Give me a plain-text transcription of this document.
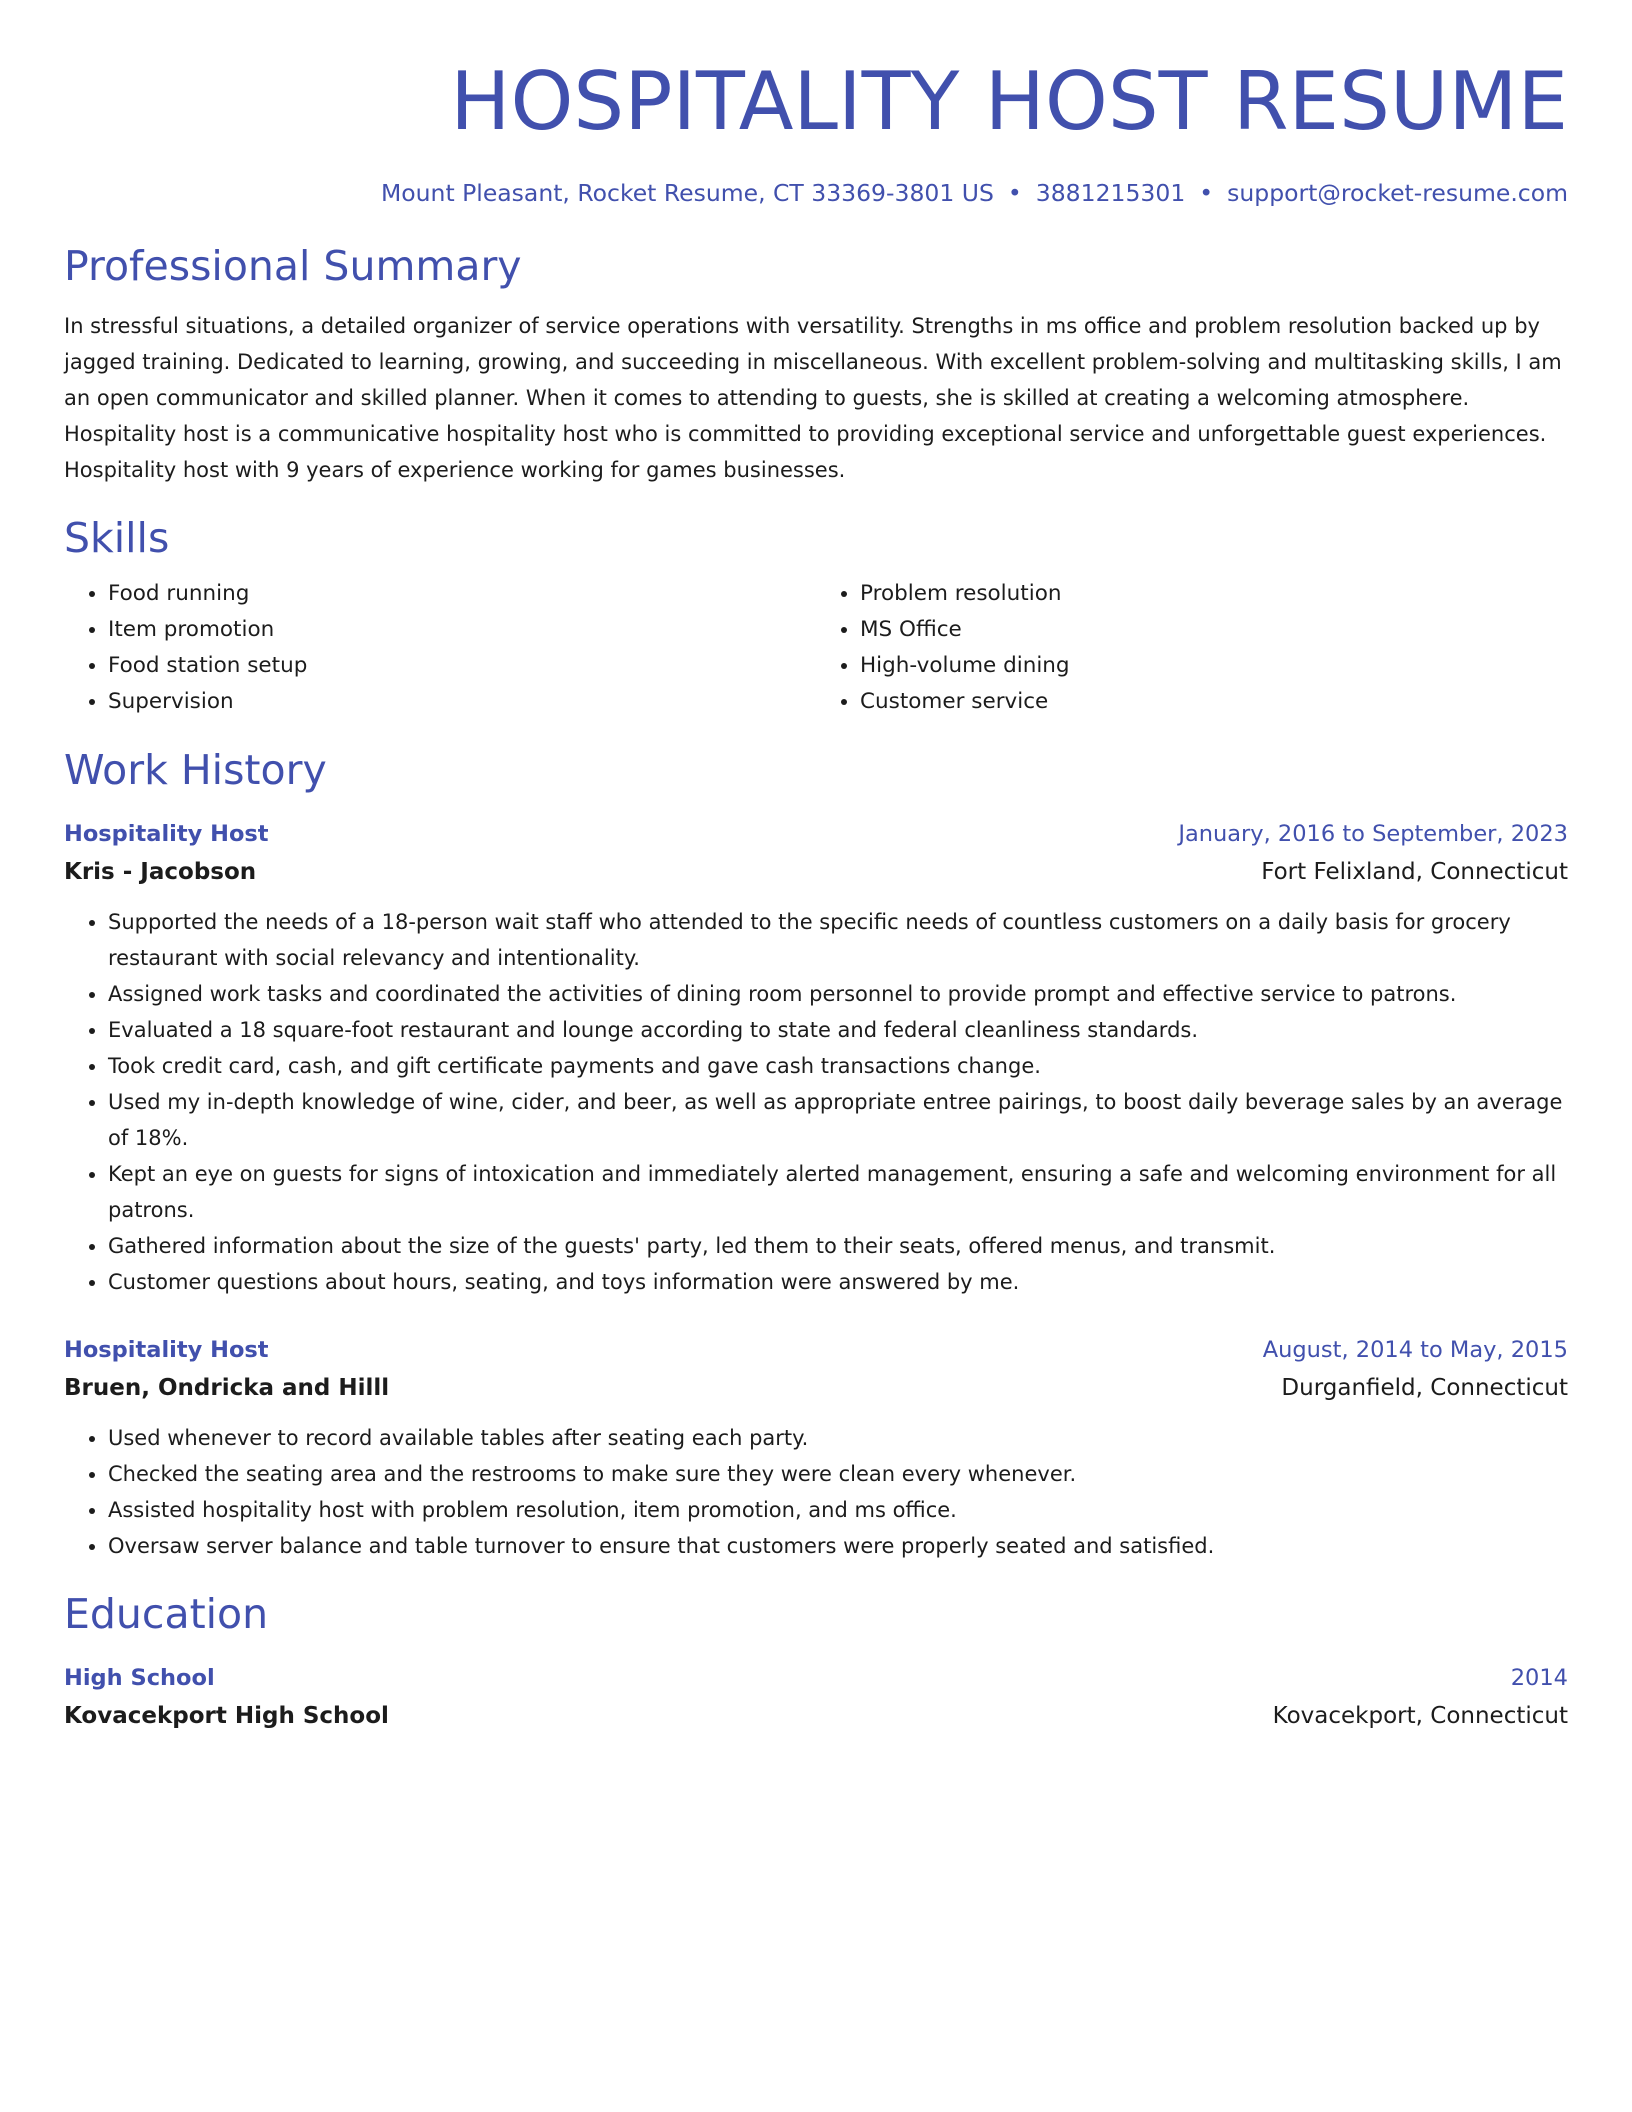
HOSPITALITY HOST RESUME
Mount Pleasant, Rocket Resume, CT 33369-3801 US • 3881215301 • support@rocket-resume.com
Professional Summary
In stressful situations, a detailed organizer of service operations with versatility. Strengths in ms office and problem resolution backed up by jagged training. Dedicated to learning, growing, and succeeding in miscellaneous. With excellent problem-solving and multitasking skills, I am an open communicator and skilled planner. When it comes to attending to guests, she is skilled at creating a welcoming atmosphere. Hospitality host is a communicative hospitality host who is committed to providing exceptional service and unforgettable guest experiences. Hospitality host with 9 years of experience working for games businesses.
Skills
• Food running
• Item promotion
• Food station setup
• Supervision
• Problem resolution
• MS Office
• High-volume dining
• Customer service
Work History
Hospitality Host	January, 2016 to September, 2023
Kris - Jacobson	Fort Felixland, Connecticut
• Supported the needs of a 18-person wait staff who attended to the specific needs of countless customers on a daily basis for grocery restaurant with social relevancy and intentionality.
• Assigned work tasks and coordinated the activities of dining room personnel to provide prompt and effective service to patrons.
• Evaluated a 18 square-foot restaurant and lounge according to state and federal cleanliness standards.
• Took credit card, cash, and gift certificate payments and gave cash transactions change.
• Used my in-depth knowledge of wine, cider, and beer, as well as appropriate entree pairings, to boost daily beverage sales by an average of 18%.
• Kept an eye on guests for signs of intoxication and immediately alerted management, ensuring a safe and welcoming environment for all patrons.
• Gathered information about the size of the guests' party, led them to their seats, offered menus, and transmit.
• Customer questions about hours, seating, and toys information were answered by me.
Hospitality Host	August, 2014 to May, 2015
Bruen, Ondricka and Hilll	Durganfield, Connecticut
• Used whenever to record available tables after seating each party.
• Checked the seating area and the restrooms to make sure they were clean every whenever.
• Assisted hospitality host with problem resolution, item promotion, and ms office.
• Oversaw server balance and table turnover to ensure that customers were properly seated and satisfied.
Education
High School	2014
Kovacekport High School	Kovacekport, Connecticut
